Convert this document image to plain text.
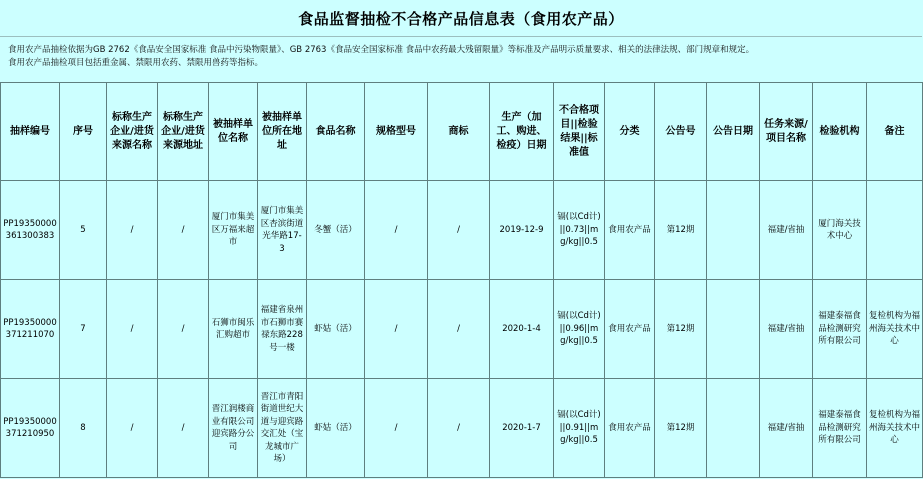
食品监督抽检不合格产品信息表（食用农产品）
食用农产品抽检依据为GB 2762《食品安全国家标准 食品中污染物限量》、GB 2763《食品安全国家标准 食品中农药最大残留限量》等标准及产品明示质量要求、相关的法律法规、部门规章和规定。
食用农产品抽检项目包括重金属、禁限用农药、禁限用兽药等指标。
抽样编号	序号	标称生产企业/进货来源名称	标称生产企业/进货来源地址	被抽样单位名称	被抽样单位所在地址	食品名称	规格型号	商标	生产（加工、购进、检疫）日期	不合格项目||检验结果||标准值	分类	公告号	公告日期	任务来源/项目名称	检验机构	备注
PP19350000361300383	5	/	/	厦门市集美区万福来超市	厦门市集美区杏滨街道光华路17-3	冬蟹（活）	/	/	2019-12-9	镉(以Cd计)||0.73||mg/kg||0.5	食用农产品	第12期		福建/省抽	厦门海关技术中心	
PP19350000371211070	7	/	/	石狮市闽乐汇购超市	福建省泉州市石狮市赛禄东路228号一楼	虾姑（活）	/	/	2020-1-4	镉(以Cd计)||0.96||mg/kg||0.5	食用农产品	第12期		福建/省抽	福建泰福食品检测研究所有限公司	复检机构为福州海关技术中心
PP19350000371210950	8	/	/	晋江润楼商业有限公司迎宾路分公司	晋江市青阳街道世纪大道与迎宾路交汇处（宝龙城市广场）	虾姑（活）	/	/	2020-1-7	镉(以Cd计)||0.91||mg/kg||0.5	食用农产品	第12期		福建/省抽	福建泰福食品检测研究所有限公司	复检机构为福州海关技术中心
